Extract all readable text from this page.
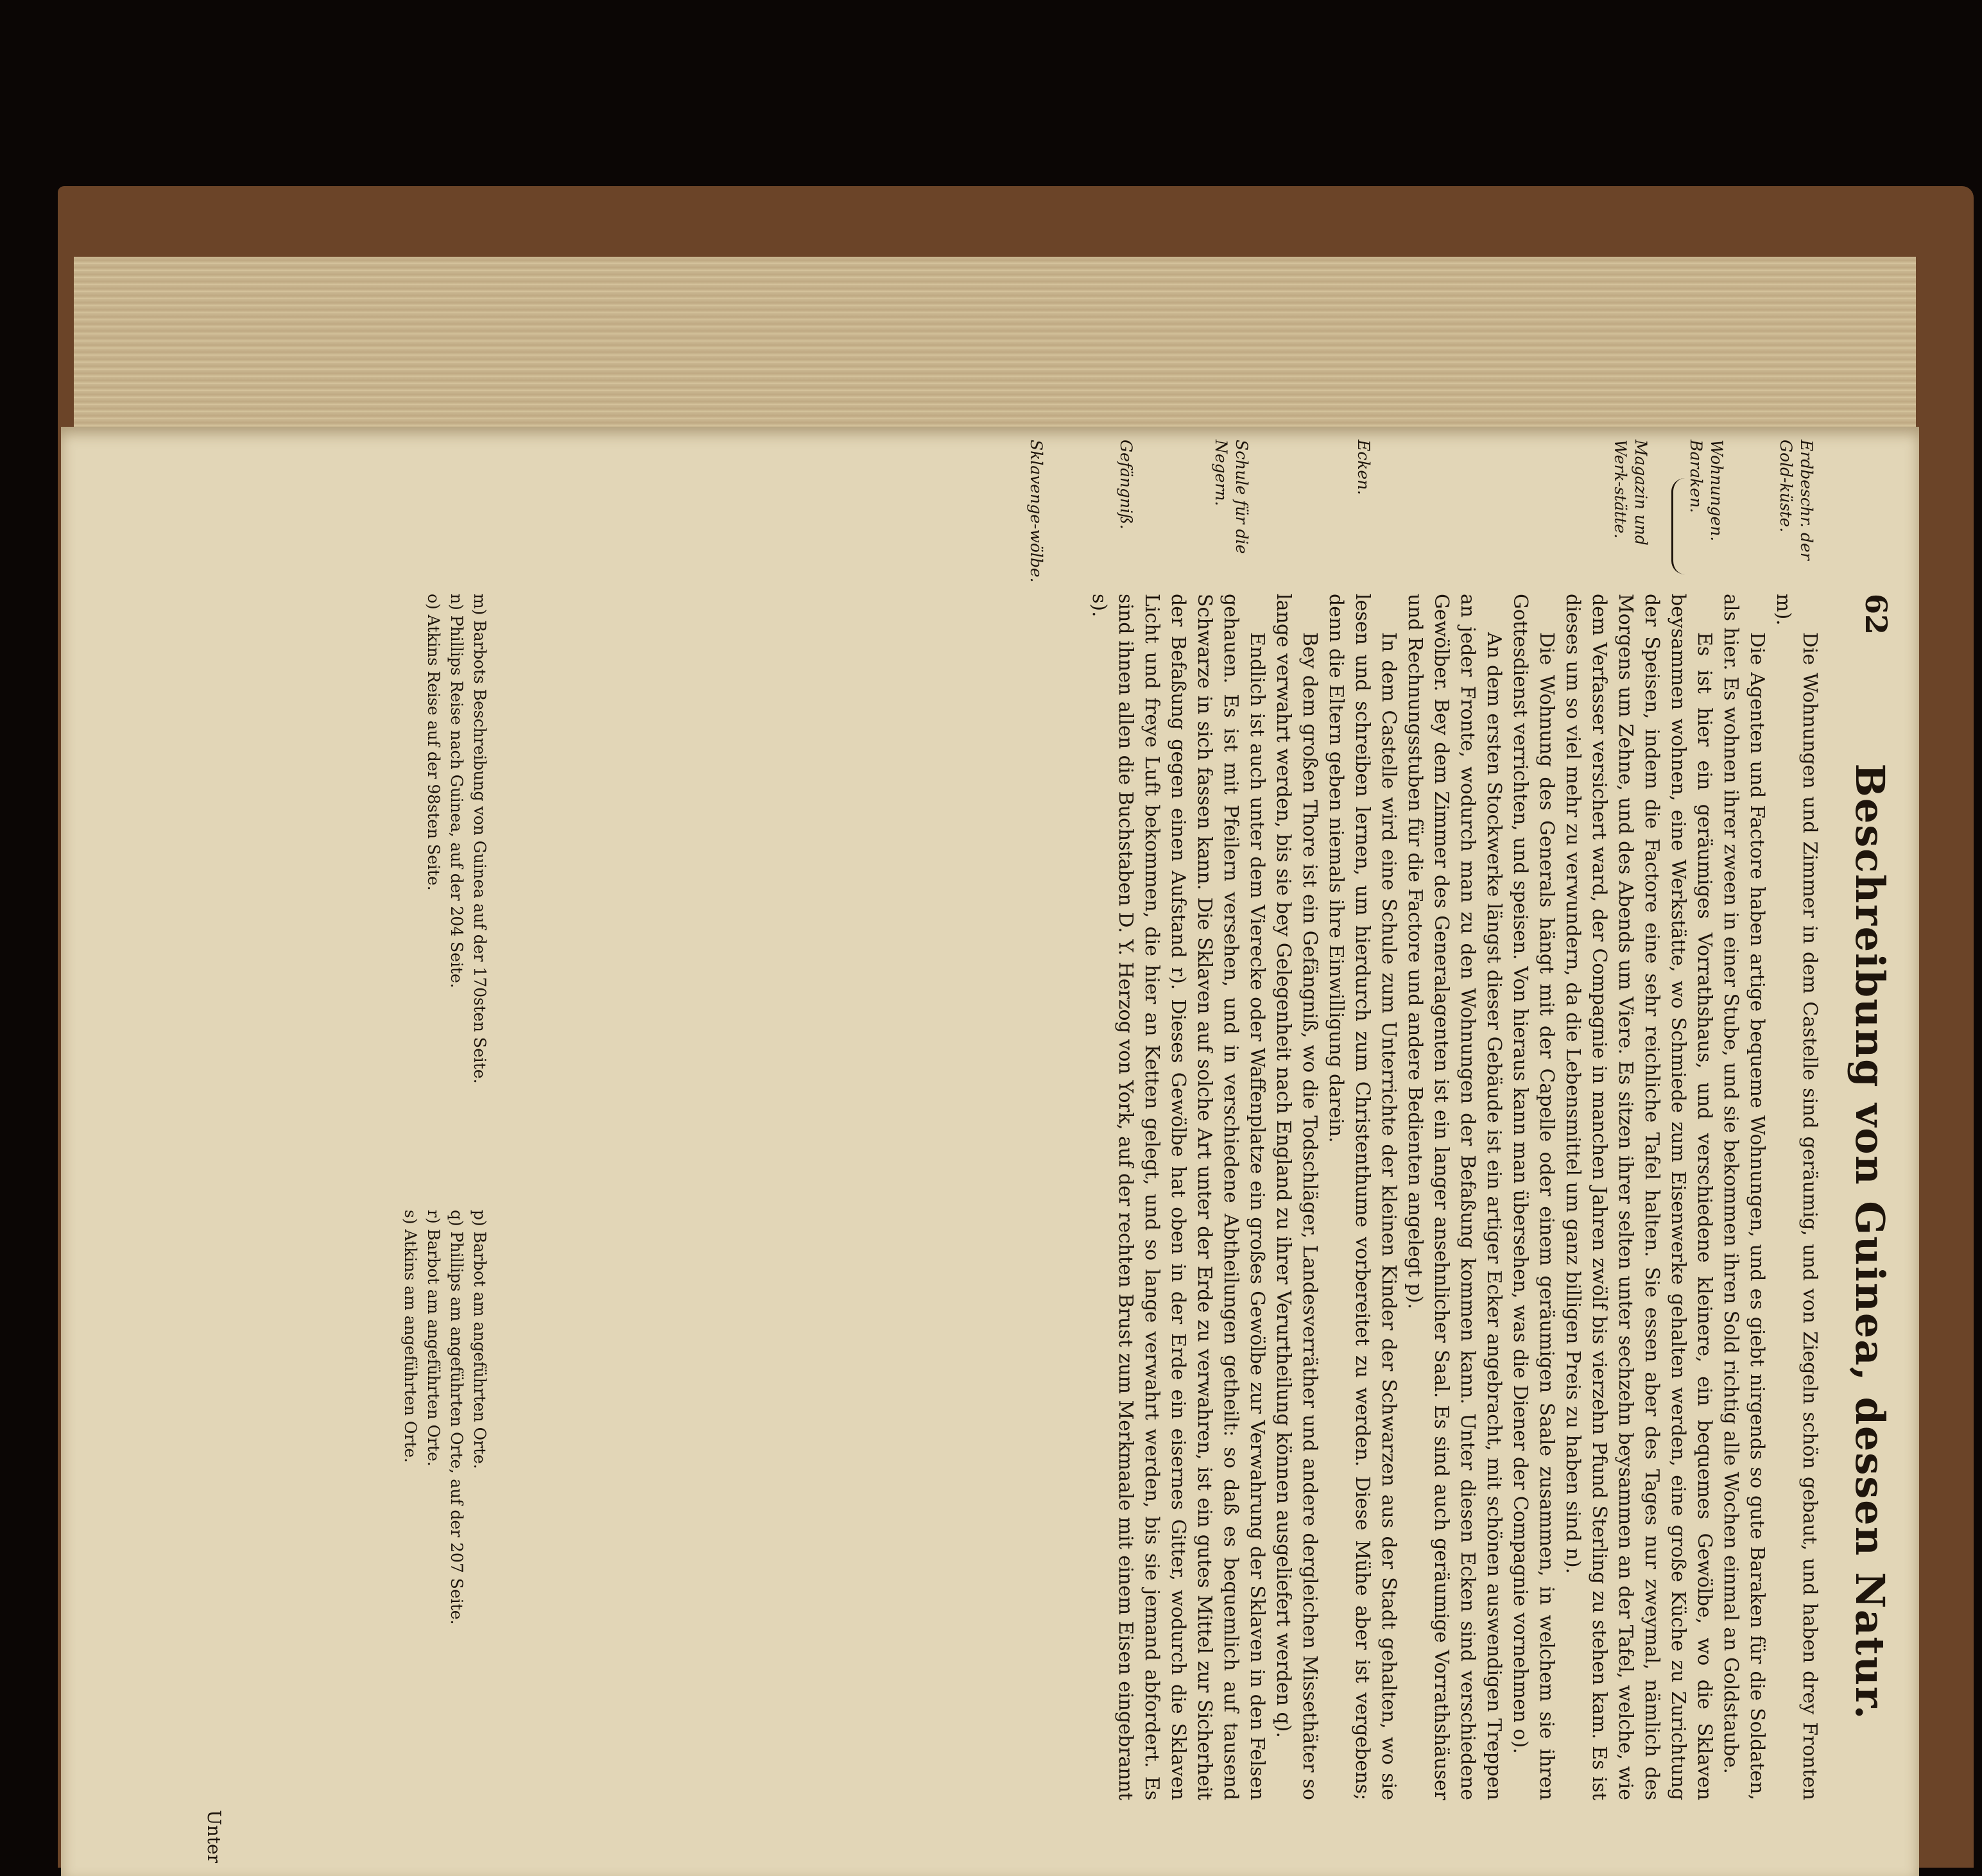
62
Beschreibung von Guinea, dessen Natur.
Erdbeschr. der Gold-küste.
Wohnungen. Baraken.
Magazin und Werk-stätte.
Ecken.
Schule für die Negern.
Gefängniß.
Sklavenge-wölbe.

Die Wohnungen und Zimmer in dem Castelle sind geräumig, und von Ziegeln schön gebaut, und haben drey Fronten m).

Die Agenten und Factore haben artige bequeme Wohnungen, und es giebt nirgends so gute Baraken für die Soldaten, als hier. Es wohnen ihrer zween in einer Stube, und sie bekommen ihren Sold richtig alle Wochen einmal an Goldstaube.

Es ist hier ein geräumiges Vorrathshaus, und verschiedene kleinere, ein bequemes Gewölbe, wo die Sklaven beysammen wohnen, eine Werkstätte, wo Schmiede zum Eisenwerke gehalten werden, eine große Küche zu Zurichtung der Speisen, indem die Factore eine sehr reichliche Tafel halten. Sie essen aber des Tages nur zweymal, nämlich des Morgens um Zehne, und des Abends um Viere. Es sitzen ihrer selten unter sechzehn beysammen an der Tafel, welche, wie dem Verfasser versichert ward, der Compagnie in manchen Jahren zwölf bis vierzehn Pfund Sterling zu stehen kam. Es ist dieses um so viel mehr zu verwundern, da die Lebensmittel um ganz billigen Preis zu haben sind n).

Die Wohnung des Generals hängt mit der Capelle oder einem geräumigen Saale zusammen, in welchem sie ihren Gottesdienst verrichten, und speisen. Von hieraus kann man übersehen, was die Diener der Compagnie vornehmen o).

An dem ersten Stockwerke längst dieser Gebäude ist ein artiger Ecker angebracht, mit schönen auswendigen Treppen an jeder Fronte, wodurch man zu den Wohnungen der Befaßung kommen kann. Unter diesen Ecken sind verschiedene Gewölber. Bey dem Zimmer des Generalagenten ist ein langer ansehnlicher Saal. Es sind auch geräumige Vorrathshäuser und Rechnungsstuben für die Factore und andere Bedienten angelegt p).

In dem Castelle wird eine Schule zum Unterrichte der kleinen Kinder der Schwarzen aus der Stadt gehalten, wo sie lesen und schreiben lernen, um hierdurch zum Christenthume vorbereitet zu werden. Diese Mühe aber ist vergebens; denn die Eltern geben niemals ihre Einwilligung darein.

Bey dem großen Thore ist ein Gefängniß, wo die Todschläger, Landesverräther und andere dergleichen Missethäter so lange verwahrt werden, bis sie bey Gelegenheit nach England zu ihrer Verurtheilung können ausgeliefert werden q).

Endlich ist auch unter dem Vierecke oder Waffenplatze ein großes Gewölbe zur Verwahrung der Sklaven in den Felsen gehauen. Es ist mit Pfeilern versehen, und in verschiedene Abtheilungen getheilt: so daß es bequemlich auf tausend Schwarze in sich fassen kann. Die Sklaven auf solche Art unter der Erde zu verwahren, ist ein gutes Mittel zur Sicherheit der Befaßung gegen einen Aufstand r). Dieses Gewölbe hat oben in der Erde ein eisernes Gitter, wodurch die Sklaven Licht und freye Luft bekommen, die hier an Ketten gelegt, und so lange verwahrt werden, bis sie jemand abfordert. Es sind ihnen allen die Buchstaben D. Y. Herzog von York, auf der rechten Brust zum Merkmaale mit einem Eisen eingebrannt s).

m) Barbots Beschreibung von Guinea auf der 170sten Seite.

n) Phillips Reise nach Guinea, auf der 204 Seite.

o) Atkins Reise auf der 98sten Seite.

p) Barbot am angeführten Orte.

q) Phillips am angeführten Orte, auf der 207 Seite.

r) Barbot am angeführten Orte.

s) Atkins am angeführten Orte.

Unter
